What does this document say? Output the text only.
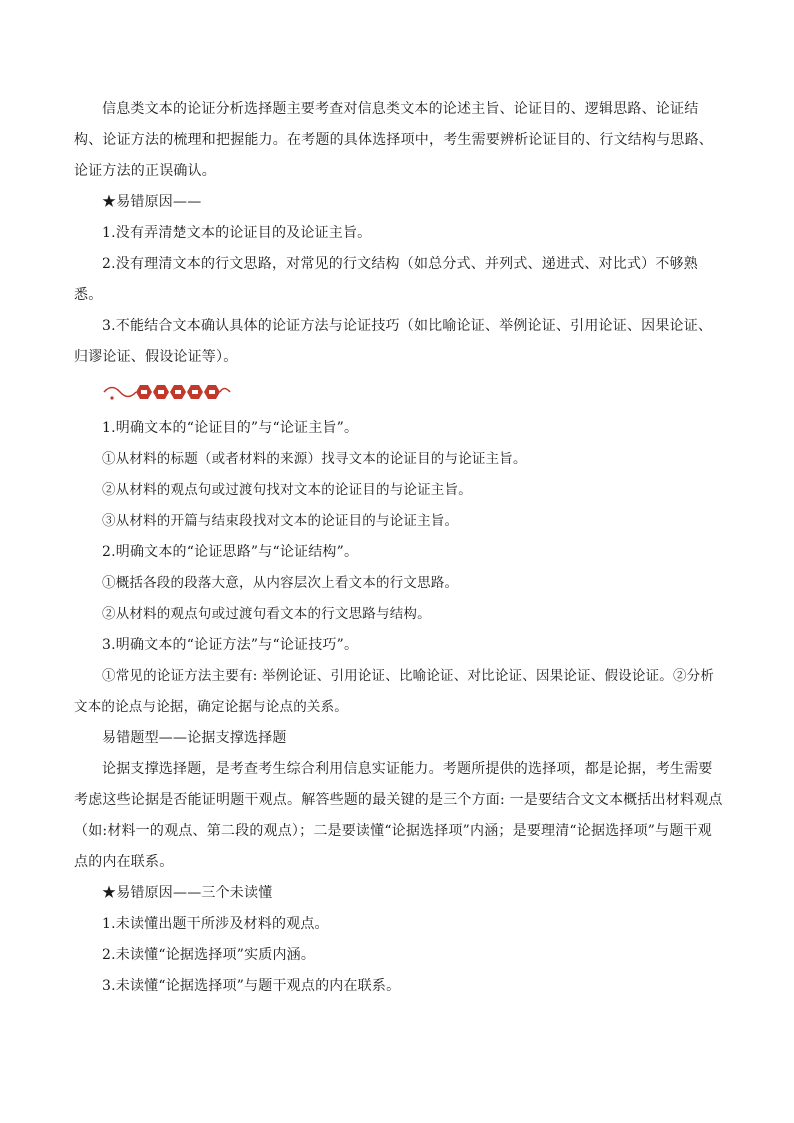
信息类文本的论证分析选择题主要考查对信息类文本的论述主旨、论证目的、逻辑思路、论证结构、论证方法的梳理和把握能力。在考题的具体选择项中，考生需要辨析论证目的、行文结构与思路、论证方法的正误确认。

★易错原因——

1.没有弄清楚文本的论证目的及论证主旨。

2.没有理清文本的行文思路，对常见的行文结构（如总分式、并列式、递进式、对比式）不够熟悉。

3.不能结合文本确认具体的论证方法与论证技巧（如比喻论证、举例论证、引用论证、因果论证、归谬论证、假设论证等）。

1.明确文本的“论证目的”与“论证主旨”。

①从材料的标题（或者材料的来源）找寻文本的论证目的与论证主旨。

②从材料的观点句或过渡句找对文本的论证目的与论证主旨。

③从材料的开篇与结束段找对文本的论证目的与论证主旨。

2.明确文本的“论证思路”与“论证结构”。

①概括各段的段落大意，从内容层次上看文本的行文思路。

②从材料的观点句或过渡句看文本的行文思路与结构。

3.明确文本的“论证方法”与“论证技巧”。

①常见的论证方法主要有: 举例论证、引用论证、比喻论证、对比论证、因果论证、假设论证。②分析文本的论点与论据，确定论据与论点的关系。

易错题型——论据支撑选择题

论据支撑选择题，是考查考生综合利用信息实证能力。考题所提供的选择项，都是论据，考生需要考虑这些论据是否能证明题干观点。解答些题的最关键的是三个方面: 一是要结合文文本概括出材料观点（如:材料一的观点、第二段的观点）；二是要读懂“论据选择项”内涵；是要理清“论据选择项”与题干观点的内在联系。

★易错原因——三个未读懂

1.未读懂出题干所涉及材料的观点。

2.未读懂“论据选择项”实质内涵。

3.未读懂“论据选择项”与题干观点的内在联系。
